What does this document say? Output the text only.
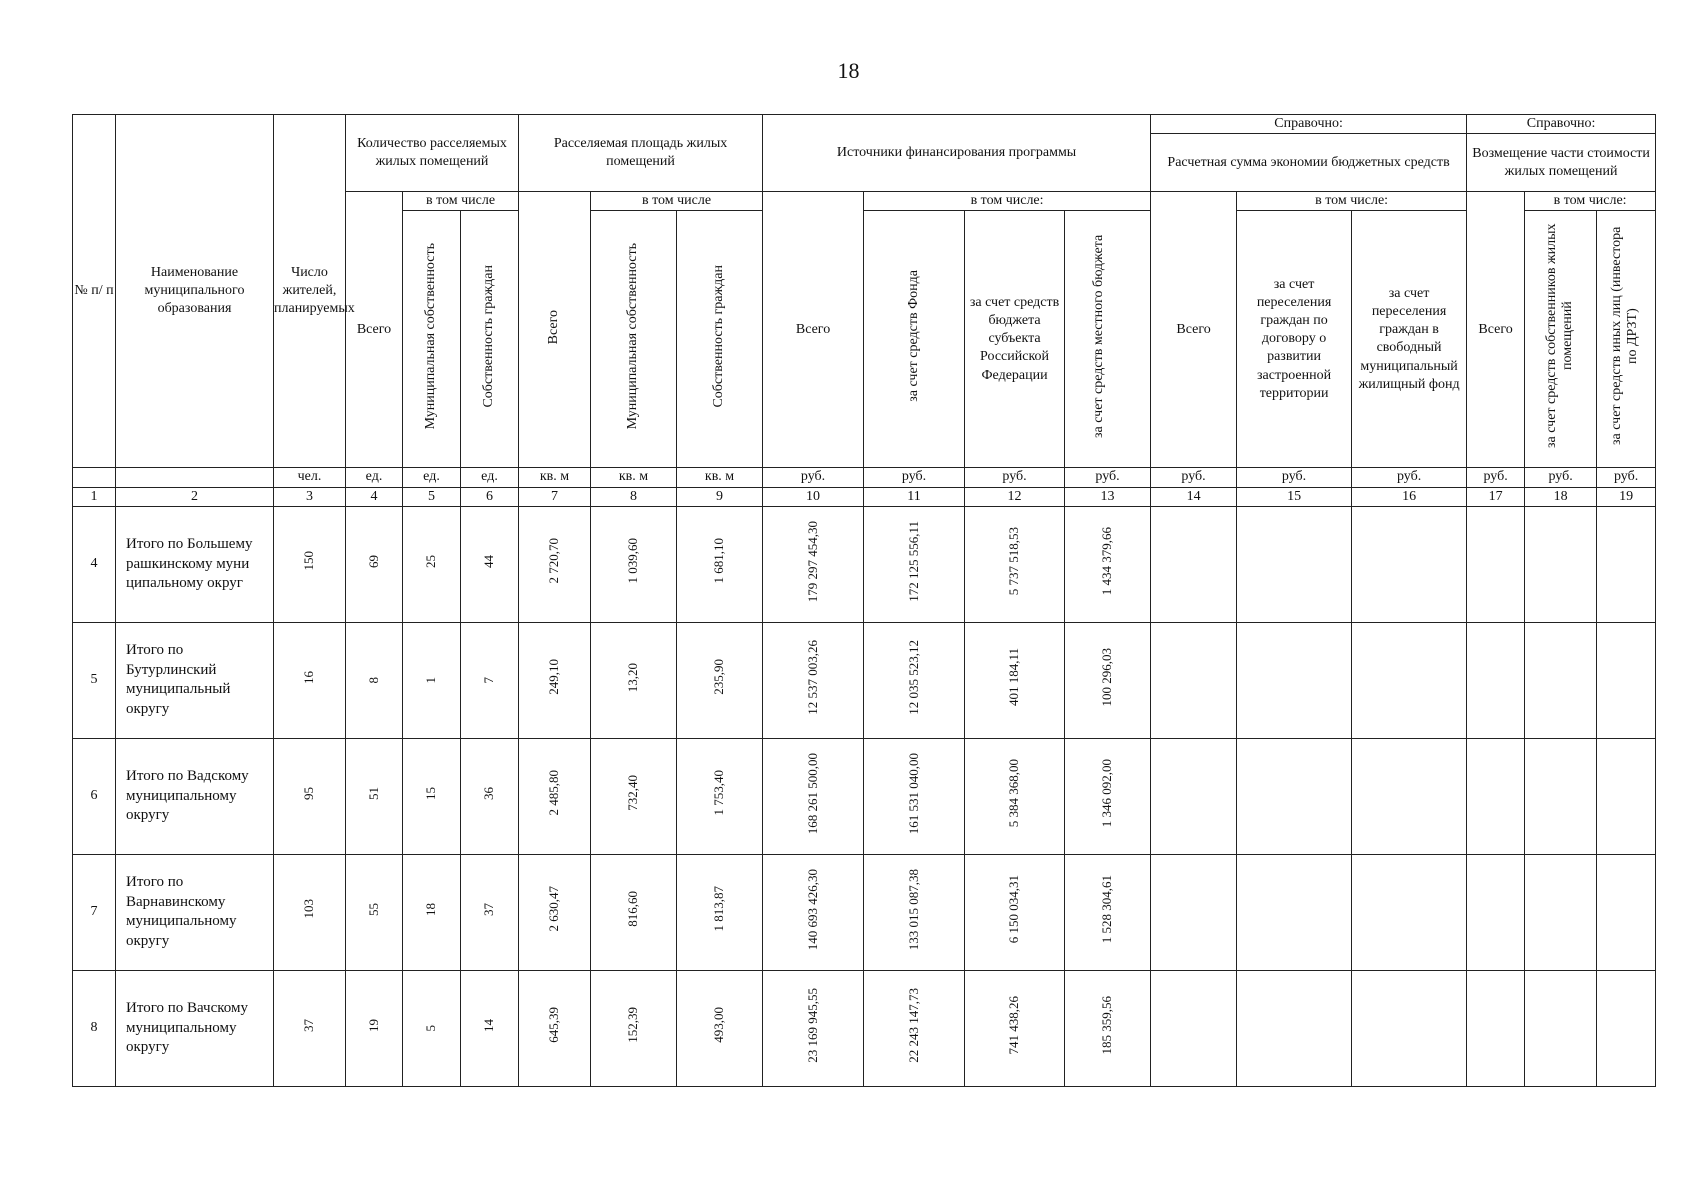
18
№ п/ п	Наименование муниципального образования	Число жителей, планируемых	Количество расселяемых жилых помещений			Расселяемая площадь жилых помещений			Источники финансирования программы				Справочно:			Справочно:		
													Расчетная сумма экономии бюджетных средств			Возмещение части стоимости жилых помещений		
			Всего	в том числе		Всего	в том числе		Всего	в том числе:			Всего	в том числе:		Всего	в том числе:	
				Муниципальная собственность	Собственность граждан		Муниципальная собственность	Собственность граждан		за счет средств Фонда	за счет средств бюджета субъекта Российской Федерации	за счет средств местного бюджета		за счет переселения граждан по договору о развитии застроенной территории	за счет переселения граждан в свободный муниципальный жилищный фонд		за счет средств собственников жилых помещений	за счет средств иных лиц (инвестора по ДРЗТ)
		чел.	ед.	ед.	ед.	кв. м	кв. м	кв. м	руб.	руб.	руб.	руб.	руб.	руб.	руб.	руб.	руб.	руб.
1	2	3	4	5	6	7	8	9	10	11	12	13	14	15	16	17	18	19
4	Итого по Большемурашкинскому муниципальному округ	150	69	25	44	2 720,70	1 039,60	1 681,10	179 297 454,30	172 125 556,11	5 737 518,53	1 434 379,66						
5	Итого по Бутурлинский муниципальный округу	16	8	1	7	249,10	13,20	235,90	12 537 003,26	12 035 523,12	401 184,11	100 296,03						
6	Итого по Вадскому муниципальному округу	95	51	15	36	2 485,80	732,40	1 753,40	168 261 500,00	161 531 040,00	5 384 368,00	1 346 092,00						
7	Итого по Варнавинскому муниципальному округу	103	55	18	37	2 630,47	816,60	1 813,87	140 693 426,30	133 015 087,38	6 150 034,31	1 528 304,61						
8	Итого по Вачскому муниципальному округу	37	19	5	14	645,39	152,39	493,00	23 169 945,55	22 243 147,73	741 438,26	185 359,56						
